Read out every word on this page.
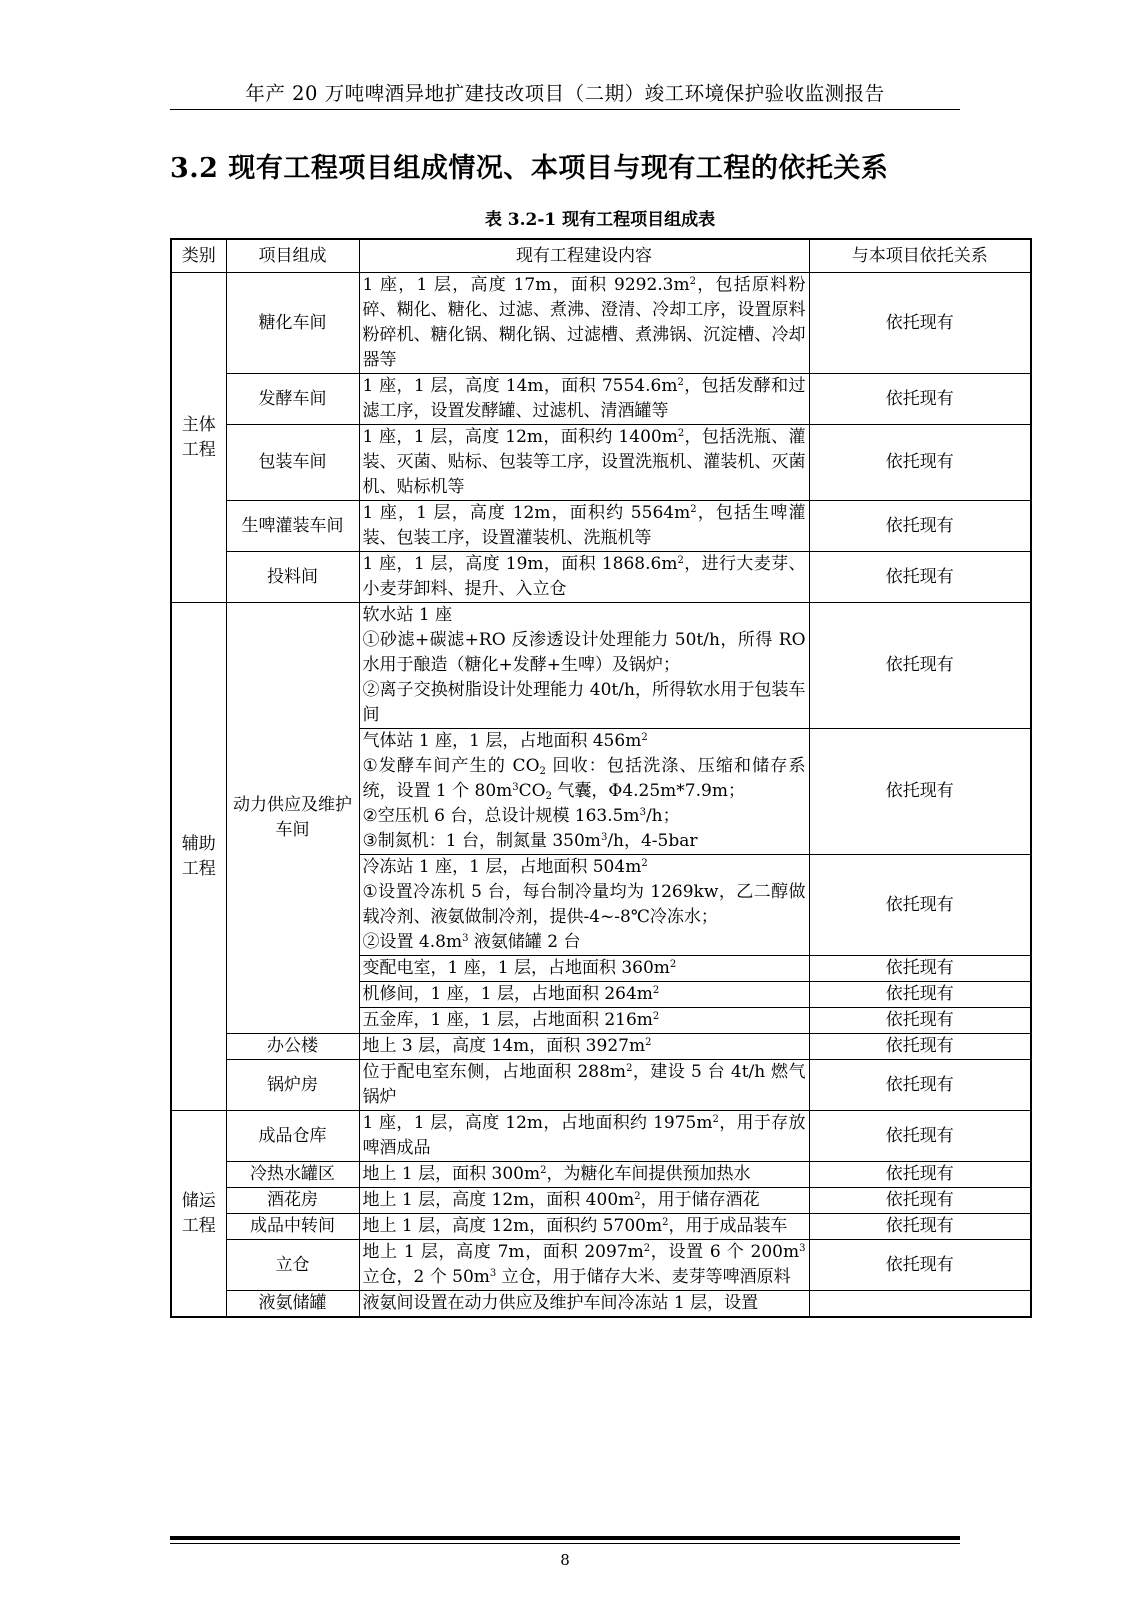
年产 20 万吨啤酒异地扩建技改项目（二期）竣工环境保护验收监测报告
3.2 现有工程项目组成情况、本项目与现有工程的依托关系
表 3.2-1 现有工程项目组成表
类别	项目组成	现有工程建设内容	与本项目依托关系
主体工程	糖化车间	1 座，1 层，高度 17m，面积 $9292.3m^2$，包括原料粉碎、糊化、糖化、过滤、煮沸、澄清、冷却工序，设置原料粉碎机、糖化锅、糊化锅、过滤槽、煮沸锅、沉淀槽、冷却器等	依托现有
	发酵车间	1 座，1 层，高度 14m，面积 $7554.6m^2$，包括发酵和过滤工序，设置发酵罐、过滤机、清酒罐等	依托现有
	包装车间	1 座，1 层，高度 12m，面积约 $1400m^2$，包括洗瓶、灌装、灭菌、贴标、包装等工序，设置洗瓶机、灌装机、灭菌机、贴标机等	依托现有
	生啤灌装车间	1 座，1 层，高度 12m，面积约 $5564m^2$，包括生啤灌装、包装工序，设置灌装机、洗瓶机等	依托现有
	投料间	1 座，1 层，高度 19m，面积 $1868.6m^2$，进行大麦芽、小麦芽卸料、提升、入立仓	依托现有
辅助工程	动力供应及维护车间	软水站 1 座
①砂滤+碳滤+RO 反渗透设计处理能力 50t/h，所得 RO 水用于酿造（糖化+发酵+生啤）及锅炉；
②离子交换树脂设计处理能力 40t/h，所得软水用于包装车间	依托现有
		气体站 1 座，1 层，占地面积 $456m^2$
①发酵车间产生的 $CO_2$ 回收：包括洗涤、压缩和储存系统，设置 1 个 $80m^3CO_2$ 气囊，Φ4.25m*7.9m；
②空压机 6 台，总设计规模 $163.5m^3/h$；
③制氮机：1 台，制氮量 $350m^3/h$，4-5bar	依托现有
		冷冻站 1 座，1 层，占地面积 $504m^2$
①设置冷冻机 5 台，每台制冷量均为 1269kw，乙二醇做载冷剂、液氨做制冷剂，提供-4~-8℃冷冻水；
②设置 $4.8m^3$ 液氨储罐 2 台	依托现有
		变配电室，1 座，1 层，占地面积 $360m^2$	依托现有
		机修间，1 座，1 层，占地面积 $264m^2$	依托现有
		五金库，1 座，1 层，占地面积 $216m^2$	依托现有
	办公楼	地上 3 层，高度 14m，面积 $3927m^2$	依托现有
	锅炉房	位于配电室东侧，占地面积 $288m^2$，建设 5 台 4t/h 燃气锅炉	依托现有
储运工程	成品仓库	1 座，1 层，高度 12m，占地面积约 $1975m^2$，用于存放啤酒成品	依托现有
	冷热水罐区	地上 1 层，面积 $300m^2$，为糖化车间提供预加热水	依托现有
	酒花房	地上 1 层，高度 12m，面积 $400m^2$，用于储存酒花	依托现有
	成品中转间	地上 1 层，高度 12m，面积约 $5700m^2$，用于成品装车	依托现有
	立仓	地上 1 层，高度 7m，面积 $2097m^2$，设置 6 个 $200m^3$ 立仓，2 个 $50m^3$ 立仓，用于储存大米、麦芽等啤酒原料	依托现有
	液氨储罐	液氨间设置在动力供应及维护车间冷冻站 1 层，设置	
8
